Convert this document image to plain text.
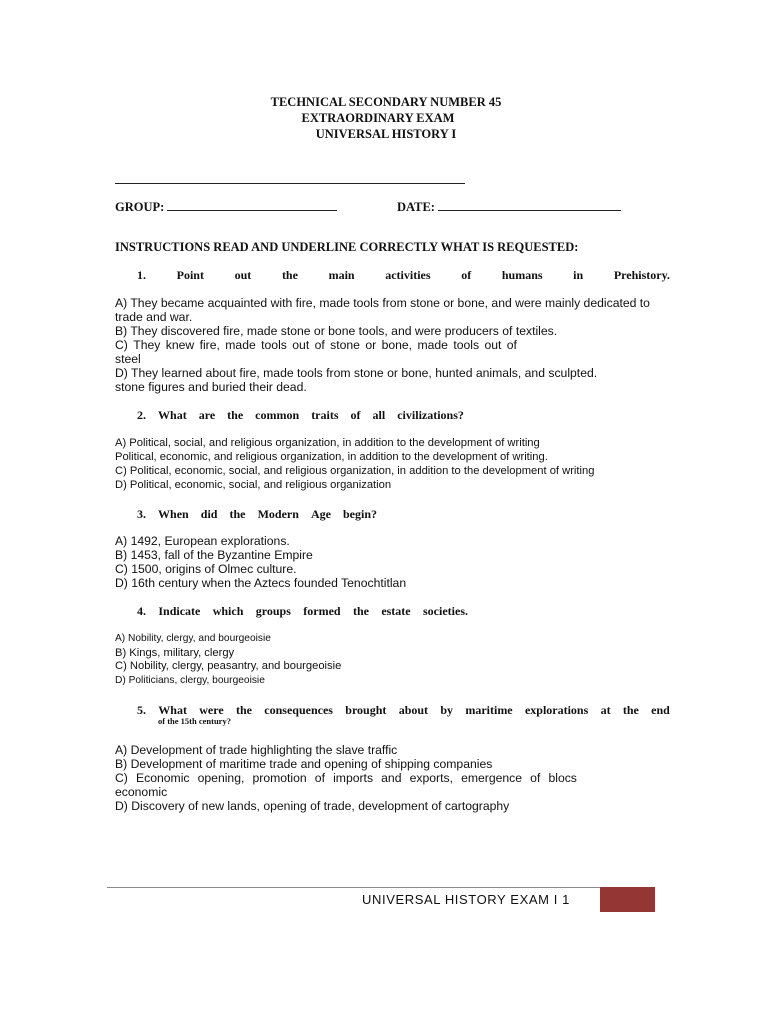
TECHNICAL SECONDARY NUMBER 45
EXTRAORDINARY EXAM
UNIVERSAL HISTORY I
GROUP:	DATE:
INSTRUCTIONS READ AND UNDERLINE CORRECTLY WHAT IS REQUESTED:
1.	Point	out	the	main	activities	of	humans	in	Prehistory.
A) They became acquainted with fire, made tools from stone or bone, and were mainly dedicated to
trade and war.
B) They discovered fire, made stone or bone tools, and were producers of textiles.
C) They knew fire, made tools out of stone or bone, made tools out of
steel
D) They learned about fire, made tools from stone or bone, hunted animals, and sculpted.
stone figures and buried their dead.
2. What are the common traits of all civilizations?
A) Political, social, and religious organization, in addition to the development of writing
Political, economic, and religious organization, in addition to the development of writing.
C) Political, economic, social, and religious organization, in addition to the development of writing
D) Political, economic, social, and religious organization
3. When did the Modern Age begin?
A) 1492, European explorations.
B) 1453, fall of the Byzantine Empire
C) 1500, origins of Olmec culture.
D) 16th century when the Aztecs founded Tenochtitlan
4. Indicate which groups formed the estate societies.
A) Nobility, clergy, and bourgeoisie
B) Kings, military, clergy
C) Nobility, clergy, peasantry, and bourgeoisie
D) Politicians, clergy, bourgeoisie
5. What were the consequences brought about by maritime explorations at the end
of the 15th century?
A) Development of trade highlighting the slave traffic
B) Development of maritime trade and opening of shipping companies
C) Economic opening, promotion of imports and exports, emergence of blocs
economic
D) Discovery of new lands, opening of trade, development of cartography
UNIVERSAL HISTORY EXAM I 1
